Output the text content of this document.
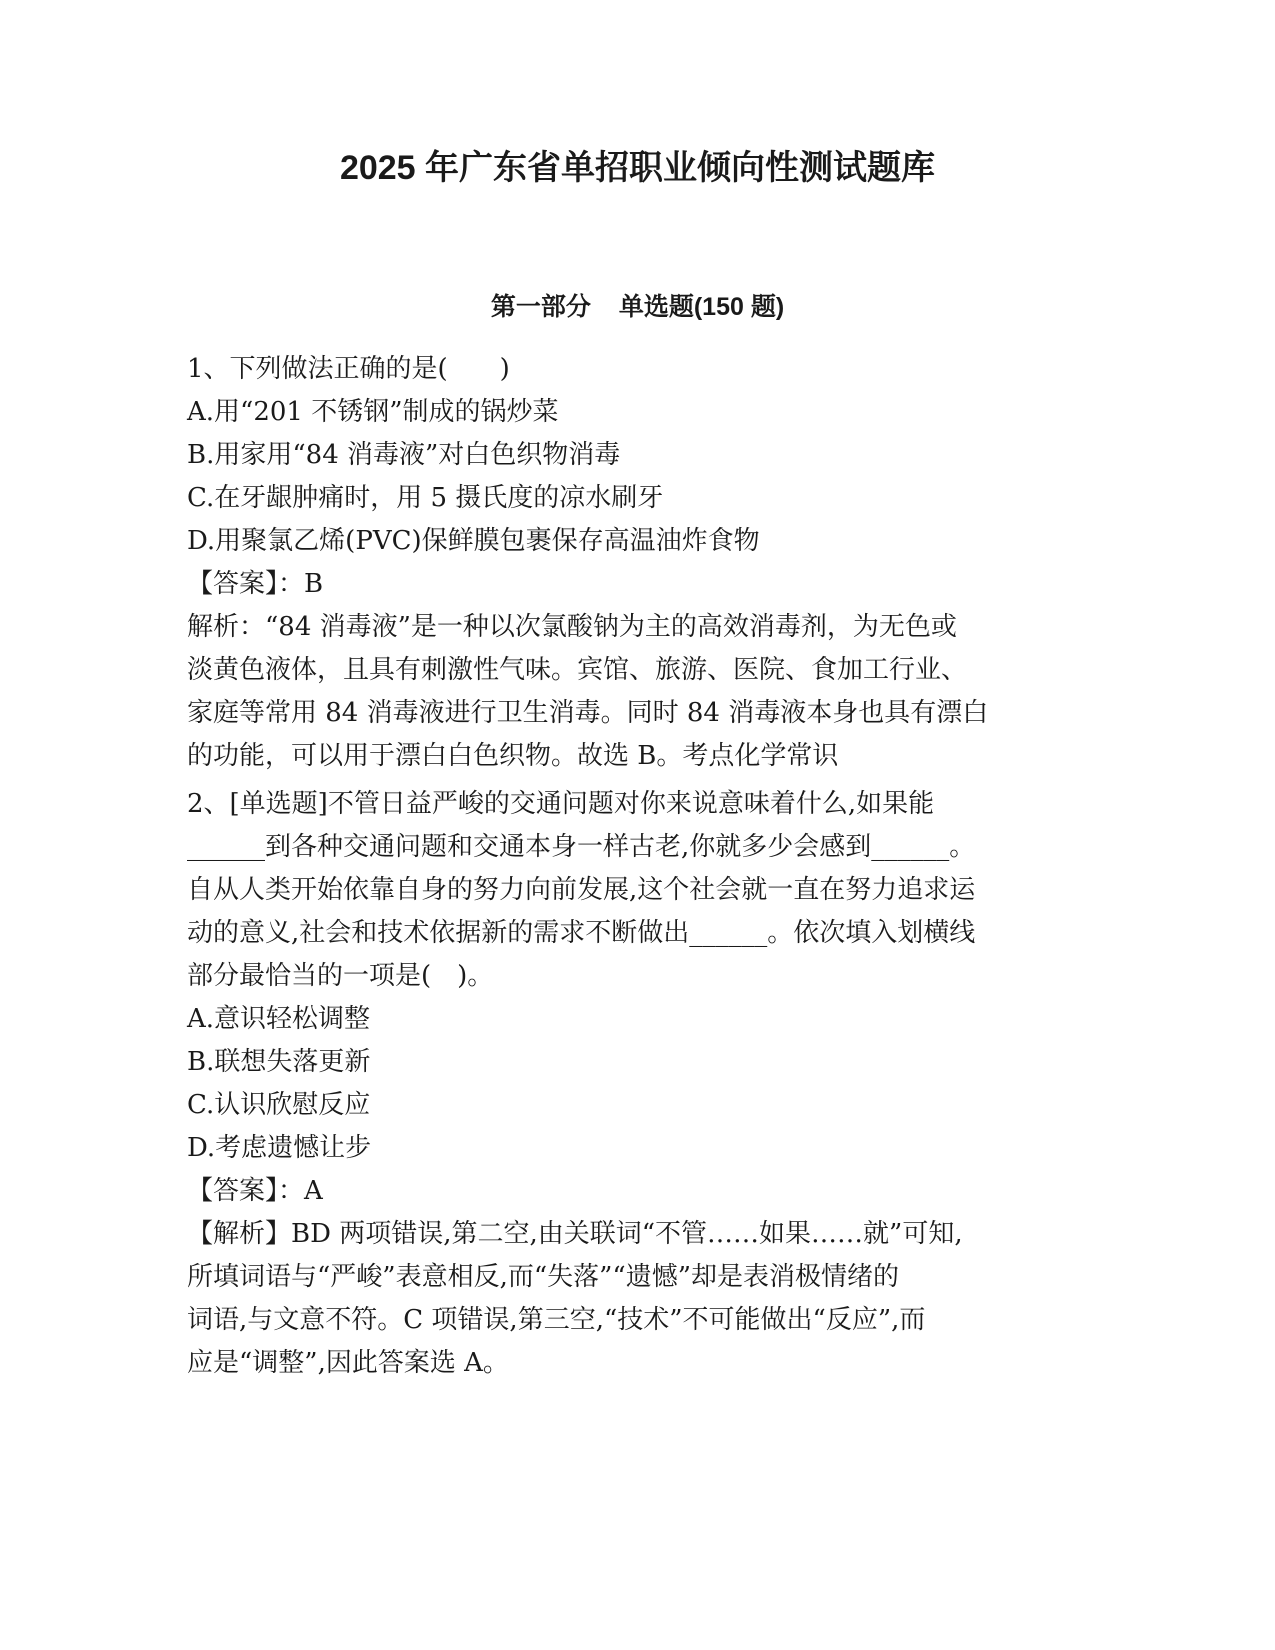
2025 年广东省单招职业倾向性测试题库
第一部分 单选题(150 题)

1、下列做法正确的是(　　)

A.用“201 不锈钢”制成的锅炒菜

B.用家用“84 消毒液”对白色织物消毒

C.在牙龈肿痛时，用 5 摄氏度的凉水刷牙

D.用聚氯乙烯(PVC)保鲜膜包裹保存高温油炸食物

【答案】：B

解析：“84 消毒液”是一种以次氯酸钠为主的高效消毒剂，为无色或

淡黄色液体，且具有刺激性气味。宾馆、旅游、医院、食加工行业、

家庭等常用 84 消毒液进行卫生消毒。同时 84 消毒液本身也具有漂白

的功能，可以用于漂白白色织物。故选 B。考点化学常识

2、[单选题]不管日益严峻的交通问题对你来说意味着什么,如果能

______到各种交通问题和交通本身一样古老,你就多少会感到______。

自从人类开始依靠自身的努力向前发展,这个社会就一直在努力追求运

动的意义,社会和技术依据新的需求不断做出______。依次填入划横线

部分最恰当的一项是(　)。

A.意识轻松调整

B.联想失落更新

C.认识欣慰反应

D.考虑遗憾让步

【答案】：A

【解析】BD 两项错误,第二空,由关联词“不管……如果……就”可知,

所填词语与“严峻”表意相反,而“失落”“遗憾”却是表消极情绪的

词语,与文意不符。C 项错误,第三空,“技术”不可能做出“反应”,而

应是“调整”,因此答案选 A。
